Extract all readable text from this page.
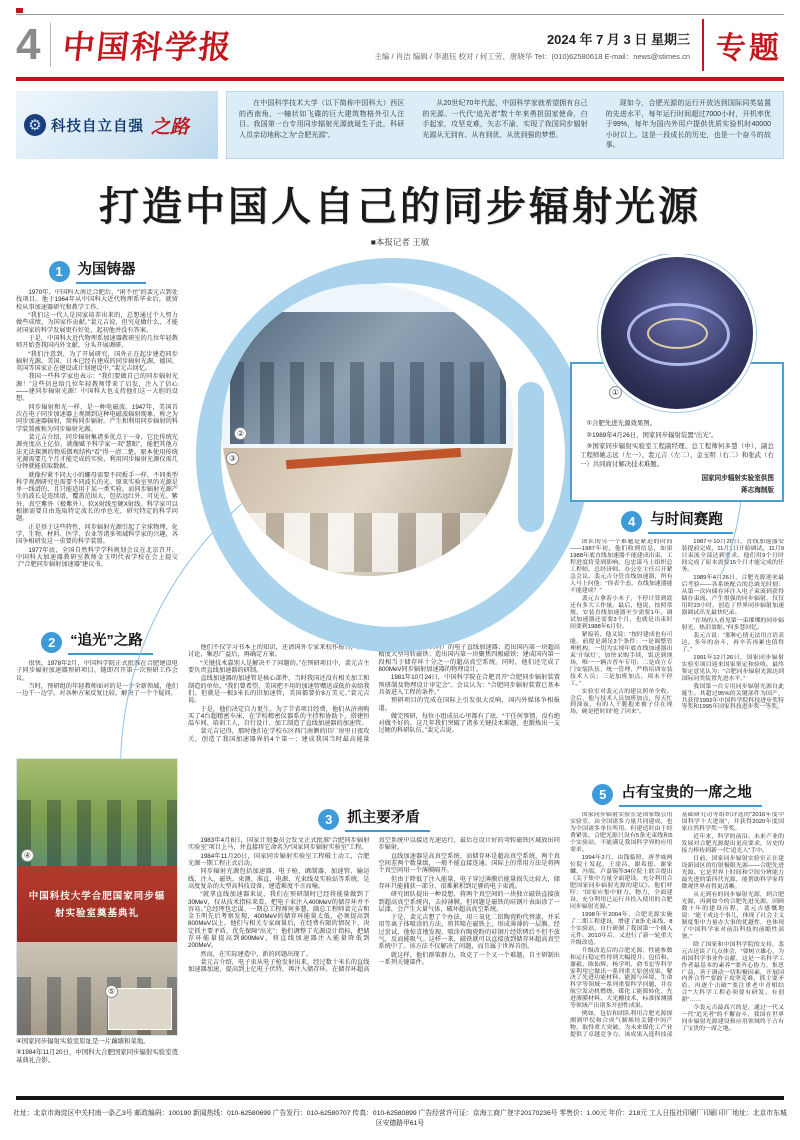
4 中国科学报	2024 年 7 月 3 日 星期三
主编 / 肖洁 编辑 / 李惠钰 校对 / 何工劳、唐晓华 Tel：(010)62580618 E-mail：news@stimes.cn 专题
⚙ 科技自立自强 之路

在中国科学技术大学（以下简称中国科大）西区的西南角，一幢状如飞碟的巨大建筑物格外引人注目。我国第一台专用同步辐射光源就诞生于此，科研人员亲切地称之为“合肥光源”。

从20世纪70年代起，中国科学家就希望拥有自己的光源。一代代“追光者”数十年来勇担国家使命，白手起家，攻坚克难，矢志不渝，实现了我国同步辐射光源从无到有、从有到优、从优到强的梦想。

现如今，合肥光源的运行开放达到国际同类装置的先进水平，每年运行时间超过7000小时，开机率优于99%，每年为国内外用户提供优质实验机时40000小时以上。这是一段成长的历史，也是一个奋斗的故事。

打造中国人自己的同步辐射光源
■本报记者 王敏
1	为国铸器

1970年，中国科大南迁合肥后，“闲不住”的裴元吉到处找项目。他于1964年从中国科大近代物理系毕业后，就留校从事加速器研究和教学工作。

“我们这一代人是国家培养出来的，总想通过个人努力做些成绩，为国家作贡献。”裴元吉说，但究竟做什么，才能对国家的科学发展更有好处，起初他并没有答案。

于是，中国科大近代物理系加速器教研室的几位年轻教师开始查我国内外文献，分头开展调研。

“我们注意到，为了开展研究，国外正在起步建造同步辐射光源。美国、日本已经有建成的同步辐射光源，德国、英国等国家正在建设或计划建设中。”裴元吉回忆。

我国一些科学家也表示：“我们要做自己的同步辐射光源！”这些信息给几位年轻教师带来了启发，注入了信心——建同步辐射光源！中国科大也支持他们这一大胆的设想。

同步辐射和光一样，是一种电磁波。1947年，美国首次在电子同步加速器上观测到这种电磁波辐射现象，称之为同步加速器辐射，简称同步辐射。产生和利用同步辐射的科学装置被称为同步辐射光源。

裴元吉介绍，同步辐射集诸多优点于一身。它比传统光源亮度高上亿倍，就像赋予科学家一双“慧眼”，能把其他方法无法探测的物质微观结构“看”得一清二楚。原本使用传统光源需要几个月才能完成的实验，利用同步辐射光源仅需几分钟就能获取数据。

就像拧紧不同大小的螺母需要不同扳手一样，不同类型科学观测研究也需要不同波长的光。原来实验室里的光源是单一线谱的，且只能适用于某一类实验。而同步辐射光源产生的波长是连续谱，覆盖范围大，包括远红外、可见光、紫外、真空紫外（极紫外）、软X射线至硬X射线。科学家可以根据需要自由选取特定波长的单色光，研究特定的科学问题。

正是基于这些特性，同步辐射光源引起了全球物理、化学、生物、材料、医学、农业等诸多领域科学家的兴趣，各国争相研发这一重要的科学装置。

1977年底，全国自然科学学科规划会议在北京召开。中国科大加速器教研室教师金玉明代表学校在会上提交了“合肥同步辐射加速器”建议书。

2	“追光”之路

很快，1978年2月，中国科学院正式批准在合肥建设电子同步辐射加速器预研项目，随即召开第一次预研工作会议。

当时，预研组的年轻教师面对的是一个全新领域，他们一边干一边学，对各种方案反复比较，解决了一个个疑问。

④
中国科技大学合肥国家同步辐
射实验室奠基典礼
⑤

④国家同步辐射实验室原址是一片藕塘和菜地。

⑤1984年11月20日，中国科大合肥国家同步辐射实验室奠基典礼合影。

②
③

他们不仅学习书本上的知识，还请国外专家来校作报告，反复讨论，集思广益后，再确定方案。

“关键技术靠别人是解决不了问题的。”在预研项目中，裴元吉主要负责直线加速器的研制。

直线加速器的加速管是核心部件，当时我国还没有相关加工和制造的单位。“我们曾希望，美国把不用的加速管赠送或低价卖给我们。但就是一根3米长的旧加速管，美国都要价8万美元。”裴元吉说。

于是，他们决定自力更生。为了节省项目经费，他们从济南购买了4台超精密车床，在学校精密仪器系的主持和协助下，搭建恒温车间、培训工人，自行设计、加工制造了直线加速器的加速管。

裴元吉记得，那时他们在学校东区西门南侧的旧厂房里日夜攻关，创造了我国加速器界的4个第一：建成我国当时最高能量30MeV（百万电子伏特）的电子直线加速器；造出国内第一块超高精度大型弯转磁铁；造出国内第一块聚焦四极磁铁；建成国内第一段相当于储存环十分之一的超高真空系统。同时，他们还完成了800MeV同步辐射加速器的物理设计。

1981年10月24日，中国科学院在合肥召开“合肥同步辐射装置预研制及物理设计审定会”。会议认为：“合肥同步辐射装置已基本具备进入工程的条件。”

预研项目的完成在国际上引发很大反响，国内外媒体争相报道。

做完预研，每位小组成员心里都有了底。“干任何事情，没有绝对做不好的。这几年我们突破了诸多关键技术难题，也锻炼出一支过硬的科研队伍。”裴元吉说。

3	抓主要矛盾

1983年4月8日，国家计划委员会发文正式批准“合肥同步辐射实验室”项目上马，并直接将它命名为“国家同步辐射实验室”工程。

1984年11月20日，国家同步辐射实验室工程破土动工，合肥光源一期工程正式启动。

同步辐射光源包括加速器、电子枪、调制器、加速管、输运线、注入、磁铁、束测、准直、电源、光束线及实验站等系统，是高度复杂的大型高科技设备，建造难度不言而喻。

“就拿直线加速器来说，我们在预研制时已经将能量做到了30MeV，仅从技术指标来看，把电子束注入400MeV的储存环并不容易。”总经理包忠谋、一期总工程师何多慧、副总工程师裴元吉和金玉明先后考察发现，400MeV的储存环能量太低，必须提高到800MeV以上。他们与相关专家商量后，在经费有限的情况下，决定抓主要矛盾，优先保障“出光”：他们调整了光源设计指标，把储存环能量提高到800MeV，将直线加速器注入能量降低到200MeV。

然而，在实际建造中，新的问题出现了。

裴元吉介绍，电子束从电子枪发射出来，经过数十米长的直线加速器加速，提高到上亿电子伏特，再注入储存环，在储存环超高真空系统中以接近光速运行，最后在设计好的弯转磁铁区域放出同步辐射。

直线加速器是高真空系统，而储存环是超高真空系统，两个真空间差两个数量级，一般不能直接连通。国际上的常用方法是将两个真空间用一个薄膜隔开。

但由于降低了注入能量，电子穿过薄膜后能量损失比较大，储存环只能捕获一部分，很难累积到足够的电子束流。

研究团队提出一种设想，将两个真空间的一块独立磁铁直接放到超高真空系统内，去掉薄膜。但问题是磁铁的硅钢片表面涂了一层漆，会产生大量气体，破坏超高真空系统。

于是，裴元吉想了个办法，用三氧化二铝陶瓷粉代替漆，并采用等离子体喷涂的方法，将其喷在磁铁上，形成薄薄的一层膜。经过尝试，他惊喜地发现，喷涂有陶瓷粉的硅钢片经烘烤后不但不放气，反而能吸气。这样一来，磁铁就可以直接放到储存环超高真空系统中了。该方法不仅解决了问题，而且属于世界首创。

就这样，他们群策群力，攻克了一个又一个难题，自主研制出一系列关键部件。

①

①合肥先进光源效果图。

②1989年4月26日，国家同步辐射装置“出光”。

③国家同步辐射实验室工程副经理、总工程师何多慧（中），副总工程师姚志远（左一）、裴元吉（左二）、金玉明（右二）和张武（右一）共同商讨解决技术难题。

国家同步辐射实验室供图
蒋志海制版
4	与时间赛跑

团队的另一个难题是紧迫的时间——1987年初，他们收到信息，如果1988年底直线加速器不能建成出束，工程进度将受到影响。包忠谋马上组织总工程师、总经济师、办公室主任召开紧急会议。裴元吉分管直线加速器，所有人马上问他：“你表个态，直线加速器能不能建成？”

裴元吉拿着小本子，不停计算到底还有多大工作量。最后，他说，按照常规，安装直线加速器至少需要1年，调试加速器还需要3个月，也就是出束时间要到1988年6月份。

紧接着，他又说：“按时建成也有可能，前提是满足3个条件：一是调整管理机构，一切为实现年底直线加速器出束‘开绿灯’，加快采购手续，饭送到现场，唯一一辆吉普车专用；二是成立专门安装队伍，统一管理，严格培训安装技术人员；三是加班加点，周末不停工。”

实验室对裴元吉的建议照单全收。会后，他与技术人员加班加点，每天忙到深夜，有的人干脆抱来被子住在现场，硬是把时间“抢了回来”。

1987年10月20日，直线加速器安装提前完成，11月1日开始调试，11月9日束流全部达到要求。他们用9个月时间完成了原本需要15个月才能完成的任务。

1989年4月26日，合肥光源迎来最后考验——各系统配合的总调光时刻：从第一次向储存环注入电子束流到获得储存束流、产生很强的同步辐射，仅仅用时23小时，创造了世界同步辐射加速器调试出光最快纪录。

“在场的人看见第一束璀璨的同步辐射光，热泪盈眶。”何多慧回忆。

裴元吉说：“那种心情无法用言语表达。多年的奋斗，再辛苦再累也值得了。”

1991年12月26日，国家同步辐射实验室项目迎来国家鉴定和验收。最终鉴定意见认为：“合肥同步辐射光源达到国际同类装置先进水平。”

我国第一台专用同步辐射光源自此诞生。其超过95%的关键部件为国产，共获得1992年中国科学院科技进步奖特等奖和1995年国家科技进步奖一等奖。

5	占有宝贵的一席之地

国家同步辐射实验室是国家级公用实验室，由全国诸多力量共同建成，也为全国诸多单位所用。但建造时由于经费紧张，合肥光源只设有5条光束线和5个实验站，不能满足我国科学界的应用需求。

1994年2月，由钱临照、唐孝威两位院士发起，王淦昌、谢希德、谢家麟、冯端、卢嘉锡等34位院士联合提出《关于集中力量全面建设、充分利用合肥国家同步辐射光源的建议》。他们呼吁：“国家应集中财力、物力，全面建设、充分利用已运行并投入使用的合肥同步辐射光源。”

1998年至2004年，合肥光源实施了二期工程建设，增建了8条光束线、8个实验站，自行研制了我国第一个插入元件。2010年后，又进行了新一轮重大升级改造。

升级改造后的合肥光源，性能参数和运行稳定性得到大幅提升。包信和、谢毅、陈仙辉、杨学明、俞书宏等科学家利用它做出一系列重大原创成果，解决了先进功能材料、能源与环境、生命科学等领域一系列重要科学问题，并在航空发动机燃烧、煤化工能源转化、先进薄膜材料、大光栅技术、标准探测器等领域产出诸多开创性成果。

例如，包信和团队利用合肥光源探测到甲烷和合成气制烯烃关键中间产物，取得重大突破，为未来煤化工产业提供了卓越竞争力。该成果入选科技部基础研究司等组织评选的“2016年度中国科学十大进展”，并获得2020年度国家自然科学奖一等奖。

近年来，科学的前沿、未来产业的发展对合肥光源提出更高要求，历史的接力棒传到新一代“追光人”手中。

目前，国家同步辐射实验室正在建设新园区的衍射极限光源——合肥先进光源。它是世界上时间和空间分辨能力最先进的第四代光源，能帮助科学家将微观世界看得更清晰。

从无到有的同步辐射光源，到合肥光源，再到如今的合肥先进光源，回顾数十年的建设历程，裴元吉感慨地说：“能干成这个事儿，体现了社会主义制度集中力量办大事的优越性，也体现了中国科学家对前沿科技的前瞻性部署。”

除了国家和中国科学院的支持，裴元吉还谈了几点体会，“要树立雄心，为祖国科学事业作贡献，这是一名科学工作者最基本的素养”“要齐心协力、集思广益，善于调动一切积极因素，开展国内外合作”“要敢于攻坚克难，抓主要矛盾，再逐个击破”“要注重老中青相结合”“大科学工程必须要有研发、有创新”……

令裴元吉最高兴的是，通过一代又一代“追光者”的不懈奋斗，我国在世界同步辐射光源建设和应用领域终于占有了宝贵的一席之地。

社址：北京市海淀区中关村南一条乙3号 邮政编码：100190 新闻热线：010-62580699 广告发行：010-62580707 传真：010-62580899 广告经营许可证：京海工商广登字20170236号 零售价：1.00元 年价：218元 工人日报社印刷厂印刷 印厂地址：北京市东城区安德路甲61号
